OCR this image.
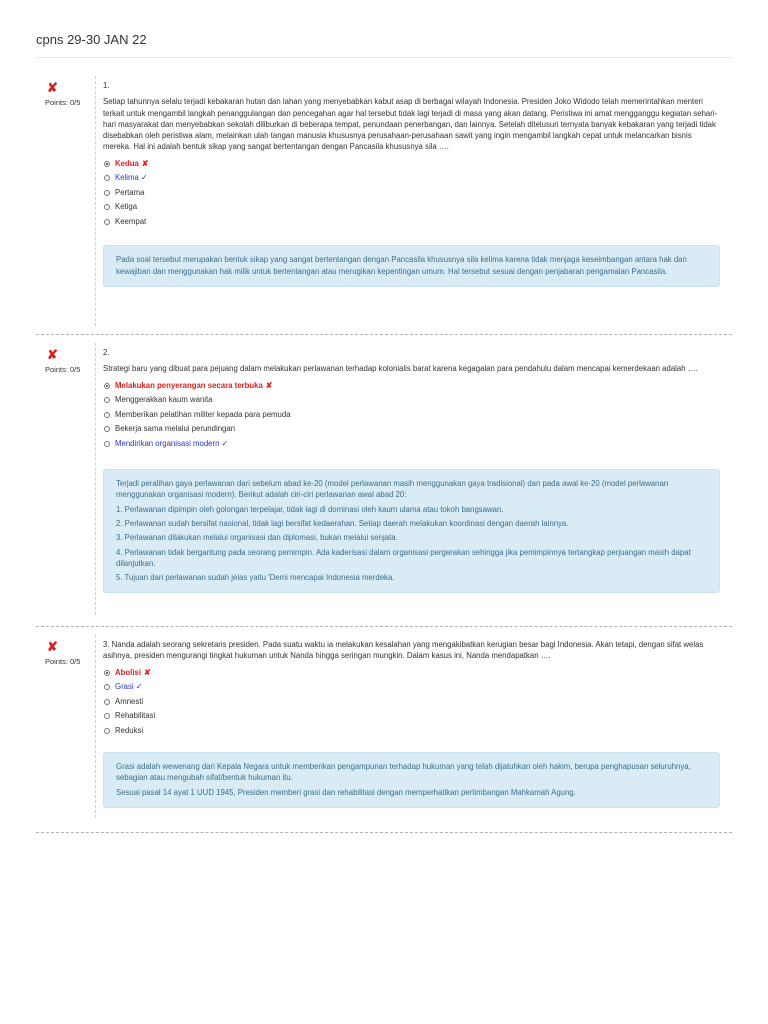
cpns 29-30 JAN 22
✘
Points: 0/5
1.
Setiap tahunnya selalu terjadi kebakaran hutan dan lahan yang menyebabkan kabut asap di berbagai wilayah Indonesia. Presiden Joko Widodo telah memerintahkan menteri terkait untuk mengambil langkah penanggulangan dan pencegahan agar hal tersebut tidak lagi terjadi di masa yang akan datang. Peristiwa ini amat mengganggu kegiatan sehari-hari masyarakat dan menyebabkan sekolah diliburkan di beberapa tempat, penundaan penerbangan, dan lainnya. Setelah ditelusuri ternyata banyak kebakaran yang terjadi tidak disebabkan oleh peristiwa alam, melainkan ulah tangan manusia khususnya perusahaan-perusahaan sawit yang ingin mengambil langkah cepat untuk melancarkan bisnis mereka. Hal ini adalah bentuk sikap yang sangat bertentangan dengan Pancasila khususnya sila ….
Kedua ✘
Kelima ✓
Pertama
Ketiga
Keempat

Pada soal tersebut merupakan bentuk sikap yang sangat bertentangan dengan Pancasila khususnya sila kelima karena tidak menjaga keseimbangan antara hak dan kewajiban dan menggunakan hak milik untuk bertentangan atau merugikan kepentingan umum. Hal tersebut sesuai dengan penjabaran pengamalan Pancasila.

✘
Points: 0/5
2.
Strategi baru yang dibuat para pejuang dalam melakukan perlawanan terhadap kolonialis barat karena kegagalan para pendahulu dalam mencapai kemerdekaan adalah ….
Melakukan penyerangan secara terbuka ✘
Menggerakkan kaum wanita
Memberikan pelatihan militer kepada para pemuda
Bekerja sama melalui perundingan
Mendirikan organisasi modern ✓

Terjadi peralihan gaya perlawanan dari sebelum abad ke-20 (model perlawanan masih menggunakan gaya tradisional) dan pada awal ke-20 (model perlawanan menggunakan organisasi modern). Berikut adalah ciri-ciri perlawanan awal abad 20:

1. Perlawanan dipimpin oleh golongan terpelajar, tidak lagi di dominasi oleh kaum ulama atau tokoh bangsawan.

2. Perlawanan sudah bersifat nasional, tidak lagi bersifat kedaerahan. Setiap daerah melakukan koordinasi dengan daerah lainnya.

3. Perlawanan dilakukan melalui organisasi dan diplomasi, bukan melalui senjata.

4. Perlawanan tidak bergantung pada seorang pemimpin. Ada kaderisasi dalam organisasi pergerakan sehingga jika pemimpinnya tertangkap perjuangan masih dapat dilanjutkan.

5. Tujuan dari perlawanan sudah jelas yaitu 'Demi mencapai Indonesia merdeka.

✘
Points: 0/5
3. Nanda adalah seorang sekretaris presiden. Pada suatu waktu ia melakukan kesalahan yang mengakibatkan kerugian besar bagi Indonesia. Akan tetapi, dengan sifat welas asihnya, presiden mengurangi tingkat hukuman untuk Nanda hingga seringan mungkin. Dalam kasus ini, Nanda mendapatkan ….
Abolisi ✘
Grasi ✓
Amnesti
Rehabilitasi
Reduksi

Grasi adalah wewenang dari Kepala Negara untuk memberikan pengampunan terhadap hukuman yang telah dijatuhkan oleh hakim, berupa penghapusan seluruhnya, sebagian atau mengubah sifat/bentuk hukuman itu.

Sesuai pasal 14 ayat 1 UUD 1945, Presiden memberi grasi dan rehabilitasi dengan memperhatikan pertimbangan Mahkamah Agung.
